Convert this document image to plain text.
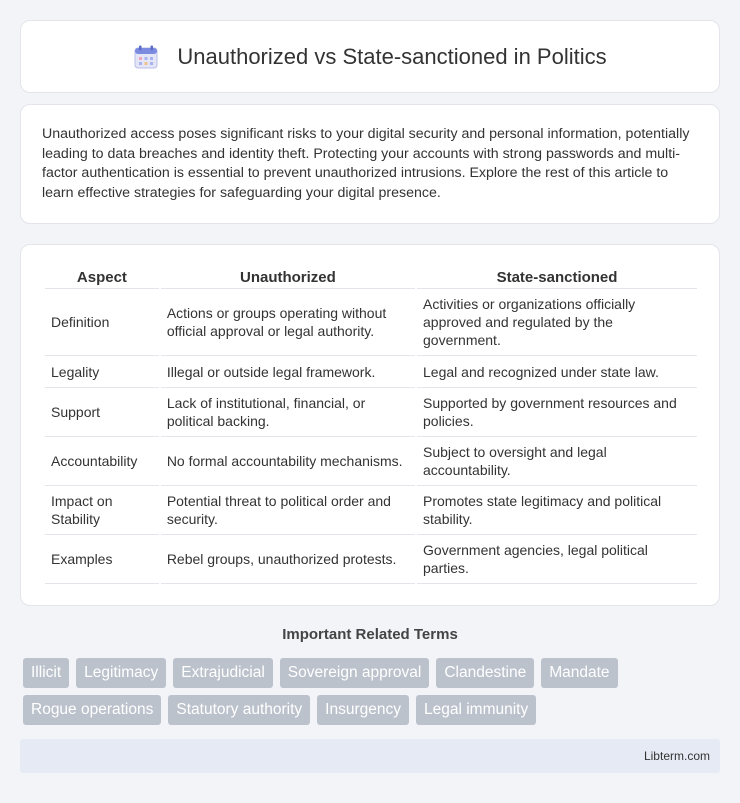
Unauthorized vs State-sanctioned in Politics

Unauthorized access poses significant risks to your digital security and personal information, potentially leading to data breaches and identity theft. Protecting your accounts with strong passwords and multi-factor authentication is essential to prevent unauthorized intrusions. Explore the rest of this article to learn effective strategies for safeguarding your digital presence.

Aspect	Unauthorized	State-sanctioned
Definition	Actions or groups operating without official approval or legal authority.	Activities or organizations officially approved and regulated by the government.
Legality	Illegal or outside legal framework.	Legal and recognized under state law.
Support	Lack of institutional, financial, or political backing.	Supported by government resources and policies.
Accountability	No formal accountability mechanisms.	Subject to oversight and legal accountability.
Impact on Stability	Potential threat to political order and security.	Promotes state legitimacy and political stability.
Examples	Rebel groups, unauthorized protests.	Government agencies, legal political parties.
Important Related Terms
Illicit	Legitimacy	Extrajudicial	Sovereign approval	Clandestine	Mandate
Rogue operations	Statutory authority	Insurgency	Legal immunity
Libterm.com
